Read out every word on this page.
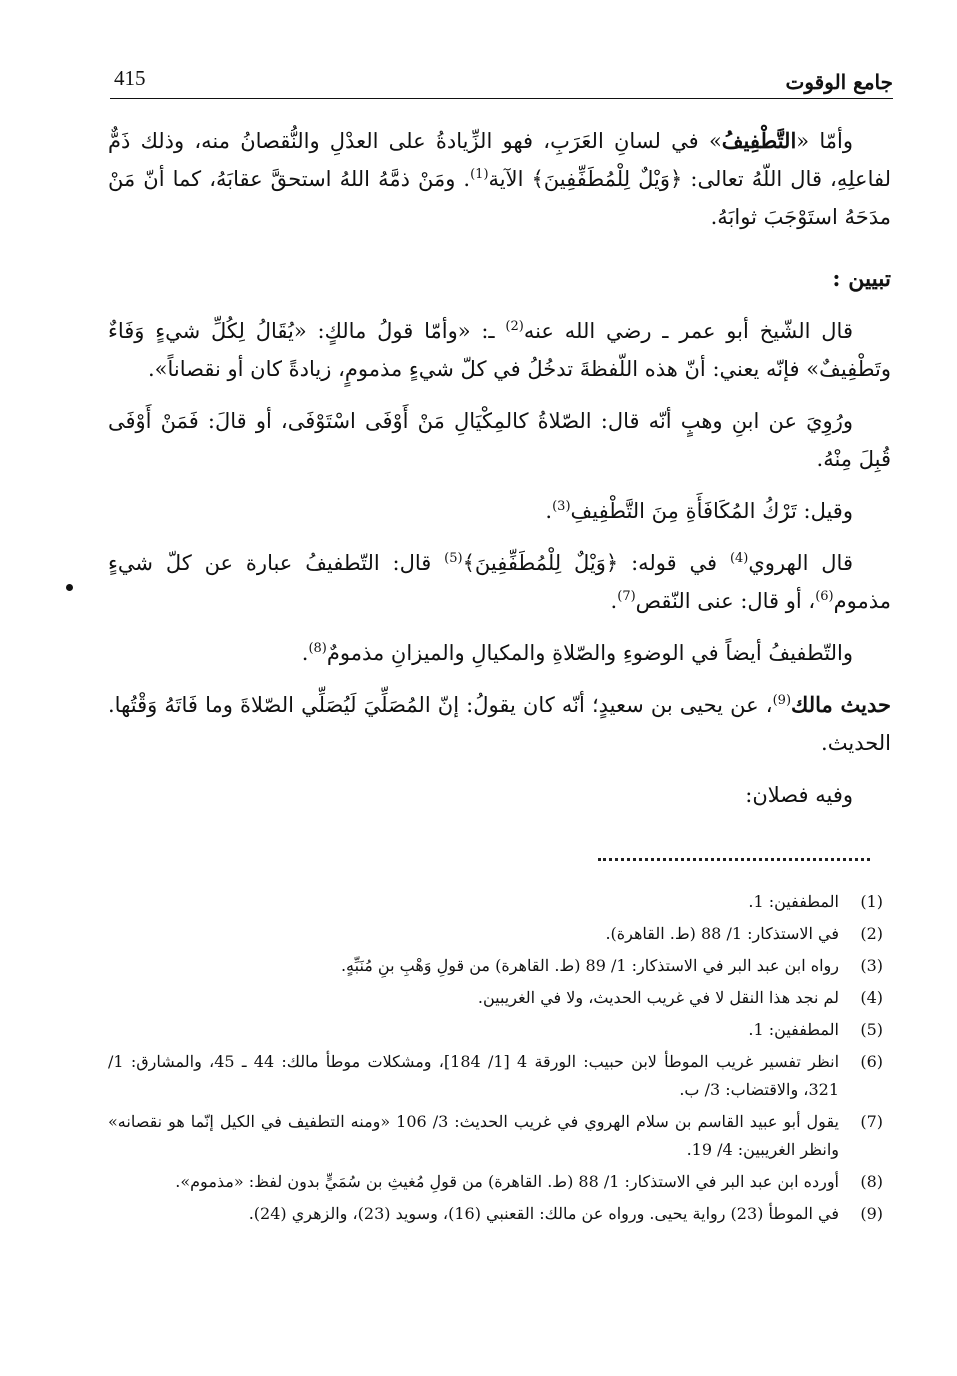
415	جامع الوقوت

وأمّا «التَّطْفِيفُ» في لسانِ العَرَبِ، فهو الزِّيادةُ على العدْلِ والنُّقصانُ منه، وذلك ذَمٌّ لفاعلِهِ، قال اللّهُ تعالى: ﴿وَيْلٌ لِلْمُطَفِّفِينَ﴾ الآية$^{(1)}$. ومَنْ ذمَّهُ اللهُ استحقَّ عقابَهُ، كما أنّ مَنْ مدَحَهُ استَوْجَبَ ثوابَهُ.

تبيين :

قال الشّيخ أبو عمر ـ رضي الله عنه$^{(2)}$ ـ: «وأمّا قولُ مالكٍ: «يُقَالُ لِكُلِّ شيءٍ وَفَاءٌ وتَطْفِيفٌ» فإنّه يعني: أنّ هذه اللّفظةَ تدخُلُ في كلّ شيءٍ مذمومٍ، زيادةً كان أو نقصاناً».

ورُوِيَ عن ابنِ وهبٍ أنّه قال: الصّلاةُ كالمِكْيَالِ مَنْ أَوْفَى اسْتَوْفَى، أو قالَ: فَمَنْ أَوْفَى قُبِلَ مِنْهُ.

وقيل: تَرْكُ المُكَافَأَةِ مِنَ التَّطْفِيفِ$^{(3)}$.

قال الهروي$^{(4)}$ في قوله: ﴿وَيْلٌ لِلْمُطَفِّفِينَ﴾$^{(5)}$ قال: التّطفيفُ عبارة عن كلّ شيءٍ مذموم$^{(6)}$، أو قال: عنى النّقص$^{(7)}$.

والتّطفيفُ أيضاً في الوضوءِ والصّلاةِ والمكيالِ والميزانِ مذمومٌ$^{(8)}$.

حديث مالك$^{(9)}$، عن يحيى بن سعيدٍ؛ أنّه كان يقولُ: إنّ المُصَلِّيَ لَيُصَلِّي الصّلاةَ وما فَاتَهُ وَقْتُها. الحديث.

وفيه فصلان:

(1)
المطففين: 1.
(2)
في الاستذكار: 1/ 88 (ط. القاهرة).
(3)
رواه ابن عبد البر في الاستذكار: 1/ 89 (ط. القاهرة) من قولِ وَهْبِ بنِ مُنَبِّهٍ.
(4)
لم نجد هذا النقل لا في غريب الحديث، ولا في الغريبين.
(5)
المطففين: 1.
(6)
انظر تفسير غريب الموطأ لابن حبيب: الورقة 4 [1/ 184]، ومشكلات موطأ مالك: 44 ـ 45، والمشارق: 1/ 321، والاقتضاب: 3/ ب.
(7)
يقول أبو عبيد القاسم بن سلام الهروي في غريب الحديث: 3/ 106 «ومنه التطفيف في الكيل إنّما هو نقصانه» وانظر الغريبين: 4/ 19.
(8)
أورده ابن عبد البر في الاستذكار: 1/ 88 (ط. القاهرة) من قولِ مُغيثِ بن سُمَيٍّ بدون لفظ: «مذموم».
(9)
في الموطأ (23) رواية يحيى. ورواه عن مالك: القعنبي (16)، وسويد (23)، والزهري (24).
